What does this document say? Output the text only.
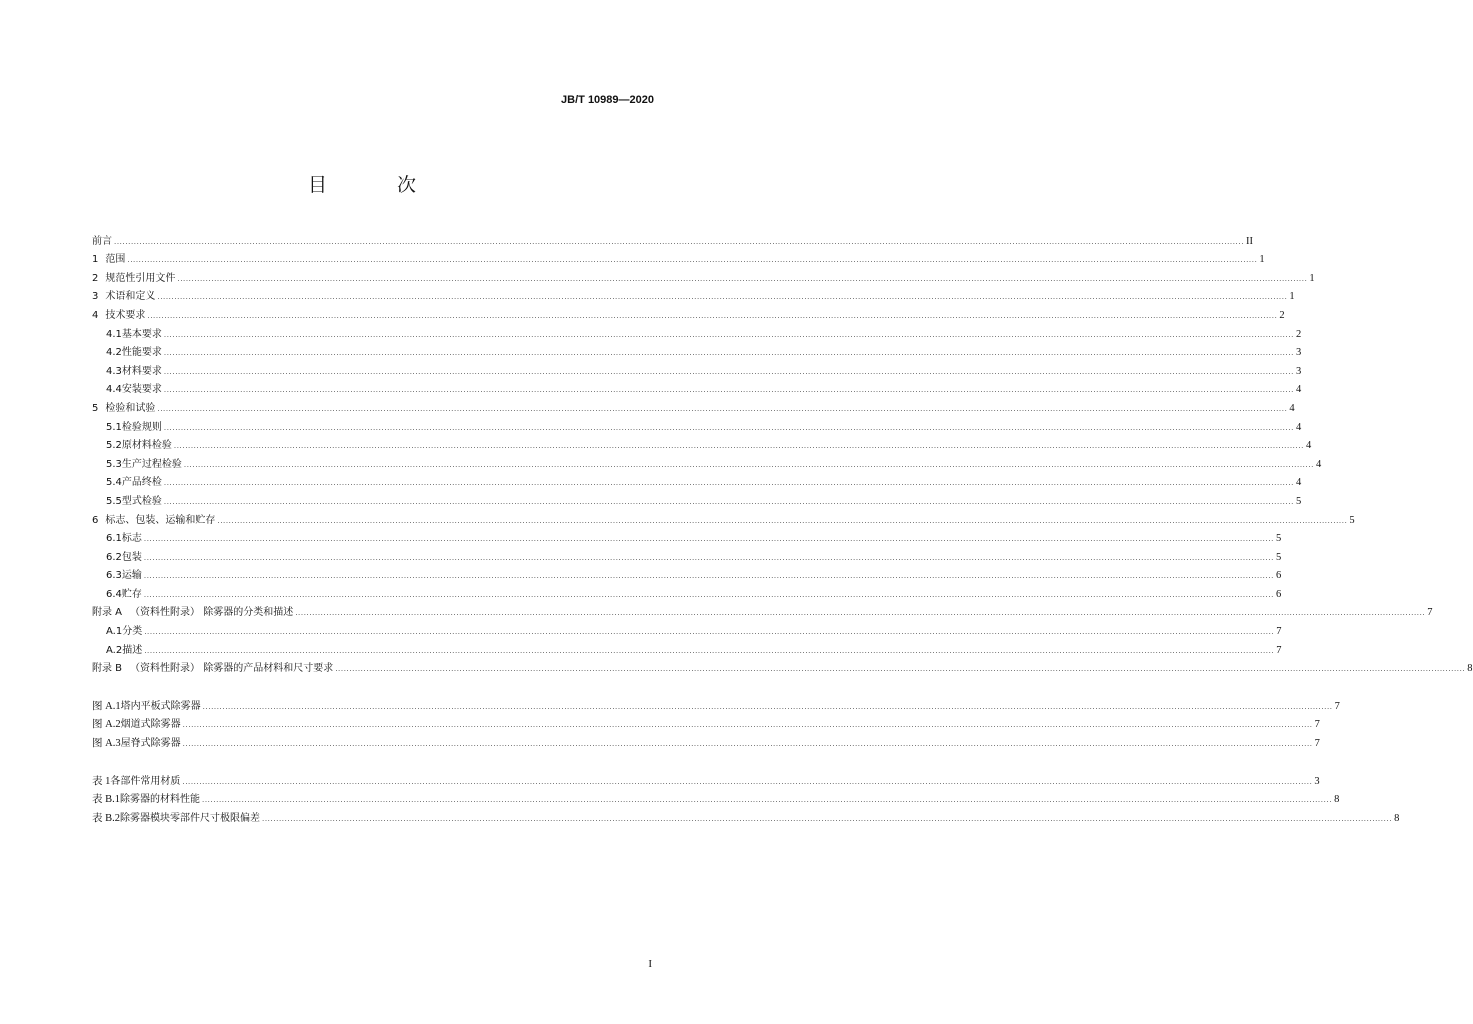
JB/T 10989—2020
目 次
前言 ................................................................................................................................................................................................................................................................................................................................................................................................................ II
1 范围 ................................................................................................................................................................................................................................................................................................................................................................................................................ 1
2 规范性引用文件 ................................................................................................................................................................................................................................................................................................................................................................................................................ 1
3 术语和定义 ................................................................................................................................................................................................................................................................................................................................................................................................................ 1
4 技术要求 ................................................................................................................................................................................................................................................................................................................................................................................................................ 2
4.1 基本要求 ................................................................................................................................................................................................................................................................................................................................................................................................................ 2
4.2 性能要求 ................................................................................................................................................................................................................................................................................................................................................................................................................ 3
4.3 材料要求 ................................................................................................................................................................................................................................................................................................................................................................................................................ 3
4.4 安装要求 ................................................................................................................................................................................................................................................................................................................................................................................................................ 4
5 检验和试验 ................................................................................................................................................................................................................................................................................................................................................................................................................ 4
5.1 检验规则 ................................................................................................................................................................................................................................................................................................................................................................................................................ 4
5.2 原材料检验 ................................................................................................................................................................................................................................................................................................................................................................................................................ 4
5.3 生产过程检验 ................................................................................................................................................................................................................................................................................................................................................................................................................ 4
5.4 产品终检 ................................................................................................................................................................................................................................................................................................................................................................................................................ 4
5.5 型式检验 ................................................................................................................................................................................................................................................................................................................................................................................................................ 5
6 标志、包装、运输和贮存 ................................................................................................................................................................................................................................................................................................................................................................................................................ 5
6.1 标志 ................................................................................................................................................................................................................................................................................................................................................................................................................ 5
6.2 包装 ................................................................................................................................................................................................................................................................................................................................................................................................................ 5
6.3 运输 ................................................................................................................................................................................................................................................................................................................................................................................................................ 6
6.4 贮存 ................................................................................................................................................................................................................................................................................................................................................................................................................ 6
附录 A （资料性附录） 除雾器的分类和描述 ................................................................................................................................................................................................................................................................................................................................................................................................................ 7
A.1 分类 ................................................................................................................................................................................................................................................................................................................................................................................................................ 7
A.2 描述 ................................................................................................................................................................................................................................................................................................................................................................................................................ 7
附录 B （资料性附录） 除雾器的产品材料和尺寸要求 ................................................................................................................................................................................................................................................................................................................................................................................................................ 8
图 A.1 塔内平板式除雾器 ................................................................................................................................................................................................................................................................................................................................................................................................................ 7
图 A.2 烟道式除雾器 ................................................................................................................................................................................................................................................................................................................................................................................................................ 7
图 A.3 屋脊式除雾器 ................................................................................................................................................................................................................................................................................................................................................................................................................ 7
表 1 各部件常用材质 ................................................................................................................................................................................................................................................................................................................................................................................................................ 3
表 B.1 除雾器的材料性能 ................................................................................................................................................................................................................................................................................................................................................................................................................ 8
表 B.2 除雾器模块零部件尺寸极限偏差 ................................................................................................................................................................................................................................................................................................................................................................................................................ 8
I
